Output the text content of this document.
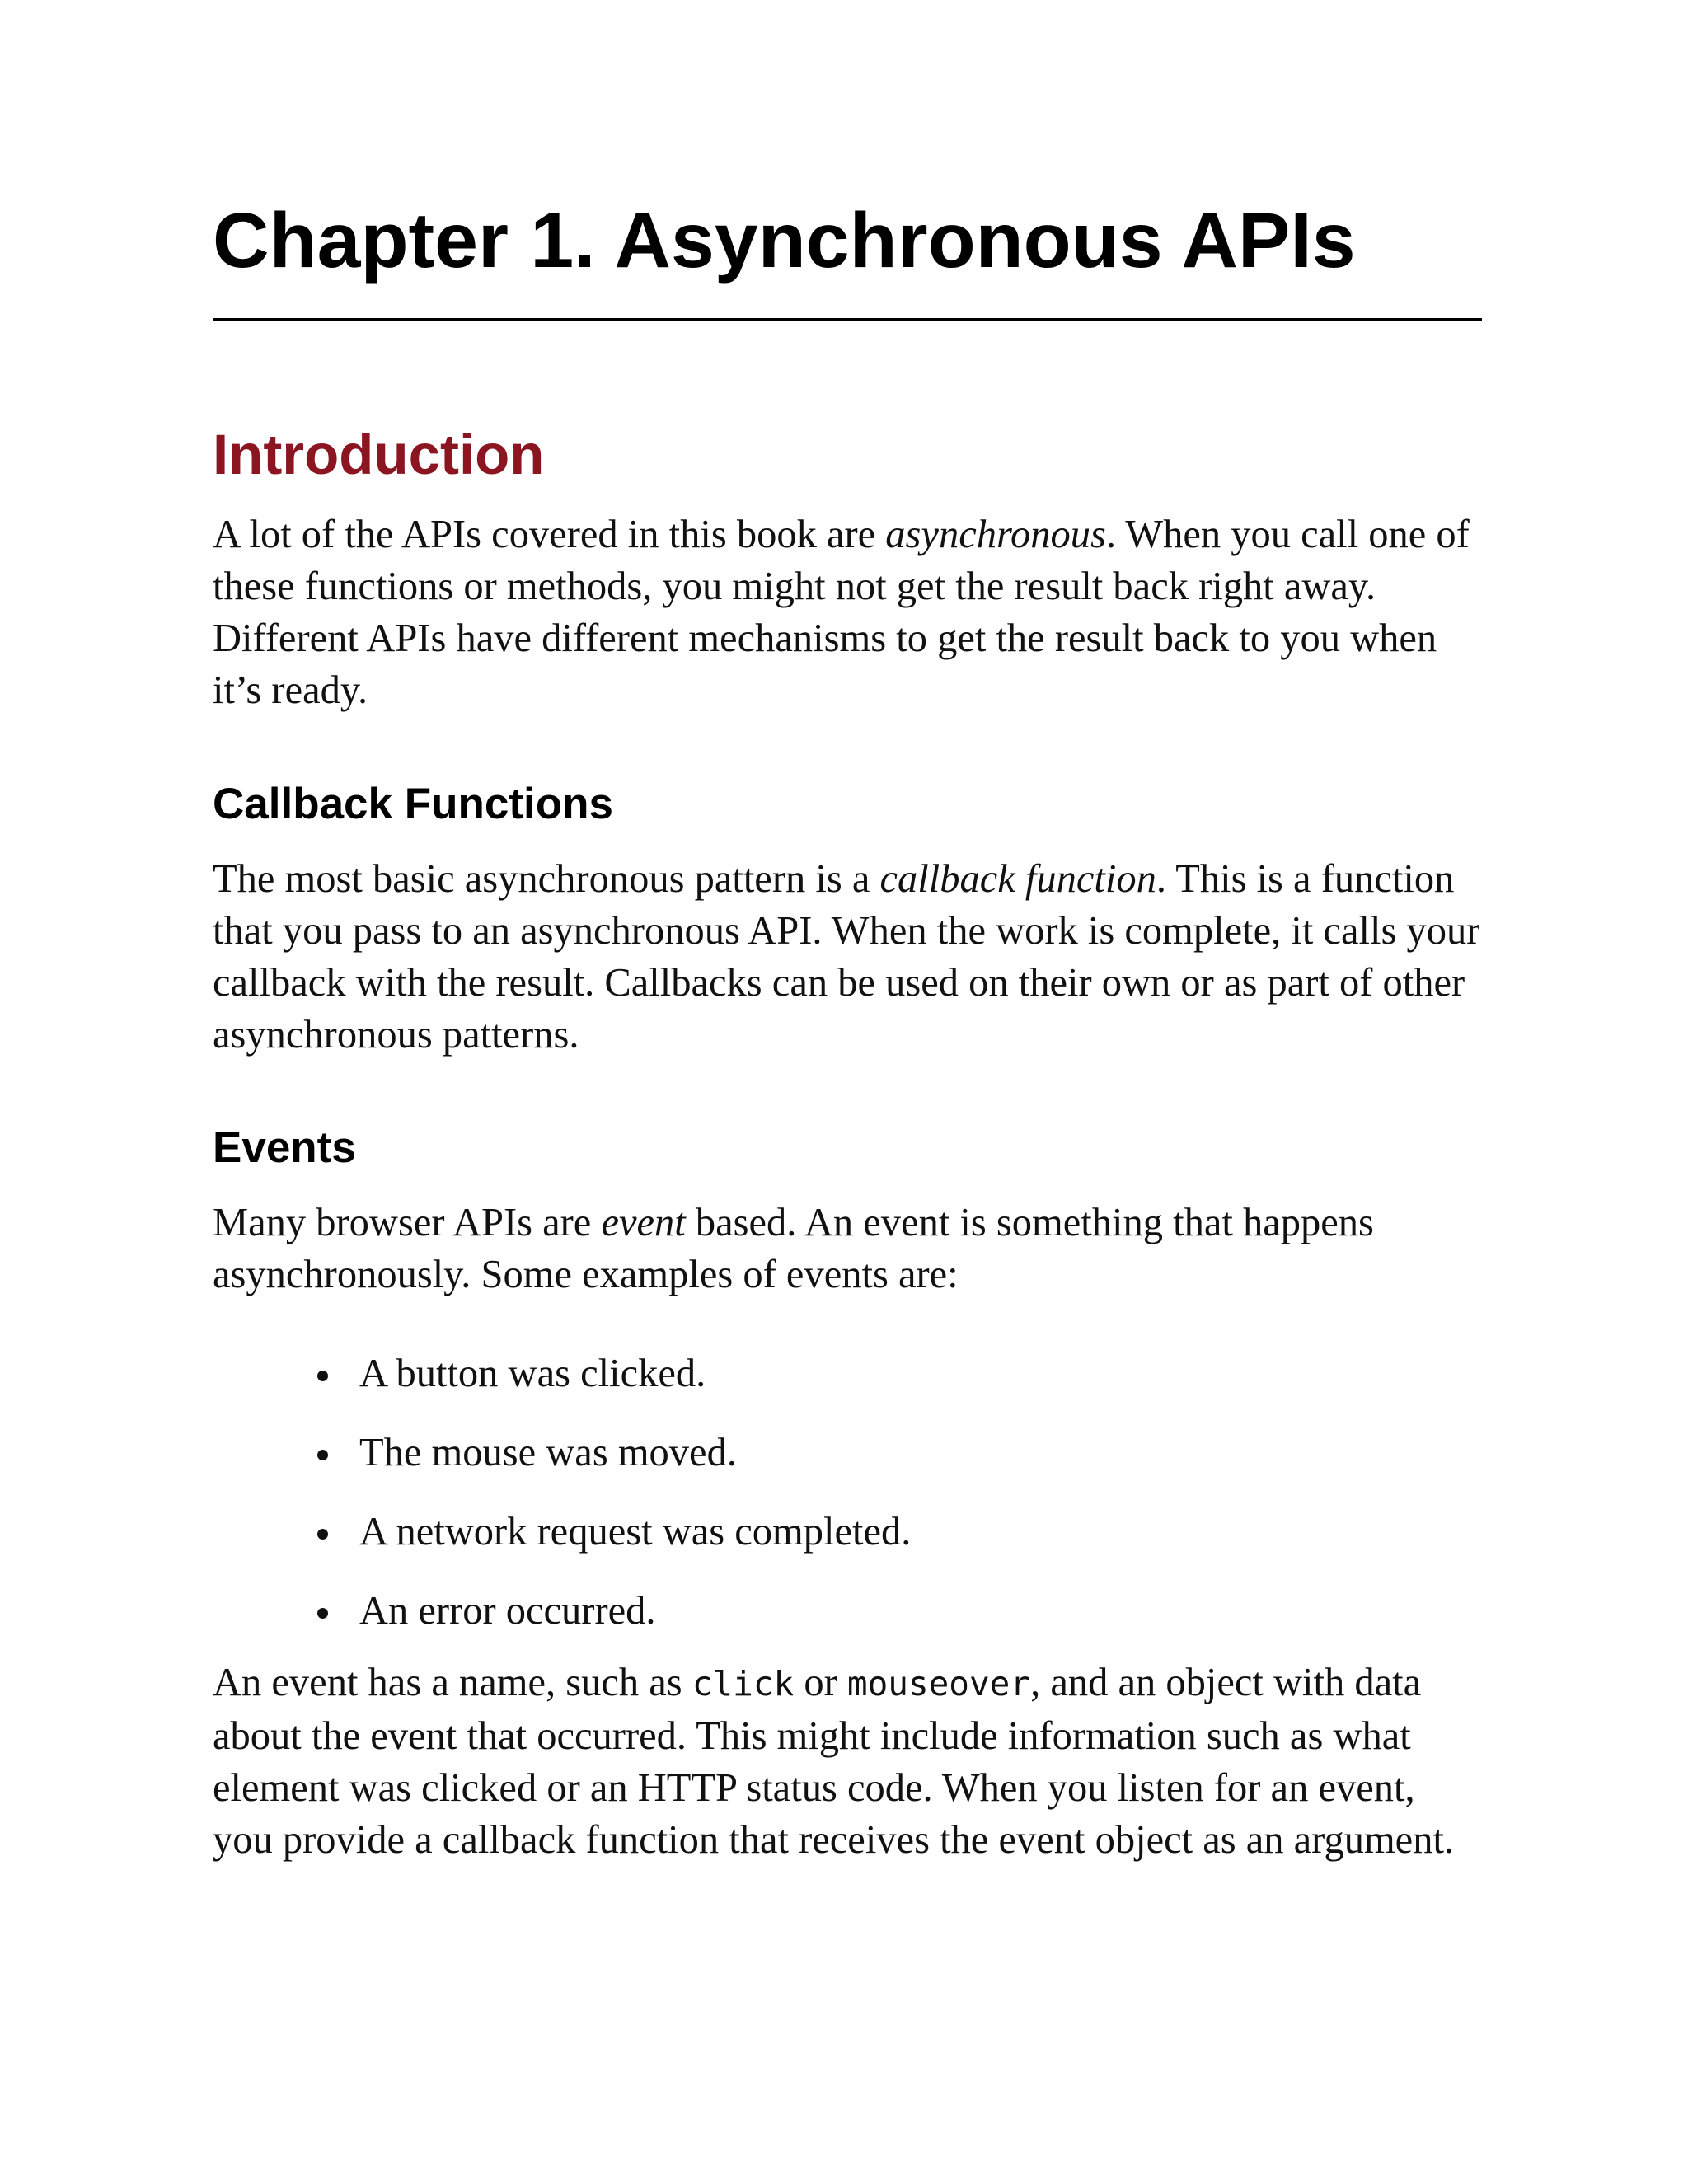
Chapter 1. Asynchronous APIs
Introduction

A lot of the APIs covered in this book are asynchronous. When you call one of these functions or methods, you might not get the result back right away. Different APIs have different mechanisms to get the result back to you when it’s ready.

Callback Functions

The most basic asynchronous pattern is a callback function. This is a function that you pass to an asynchronous API. When the work is complete, it calls your callback with the result. Callbacks can be used on their own or as part of other asynchronous patterns.

Events

Many browser APIs are event based. An event is something that happens asynchronously. Some examples of events are:

A button was clicked.
The mouse was moved.
A network request was completed.
An error occurred.

An event has a name, such as click or mouseover, and an object with data about the event that occurred. This might include information such as what element was clicked or an HTTP status code. When you listen for an event, you provide a callback function that receives the event object as an argument.
